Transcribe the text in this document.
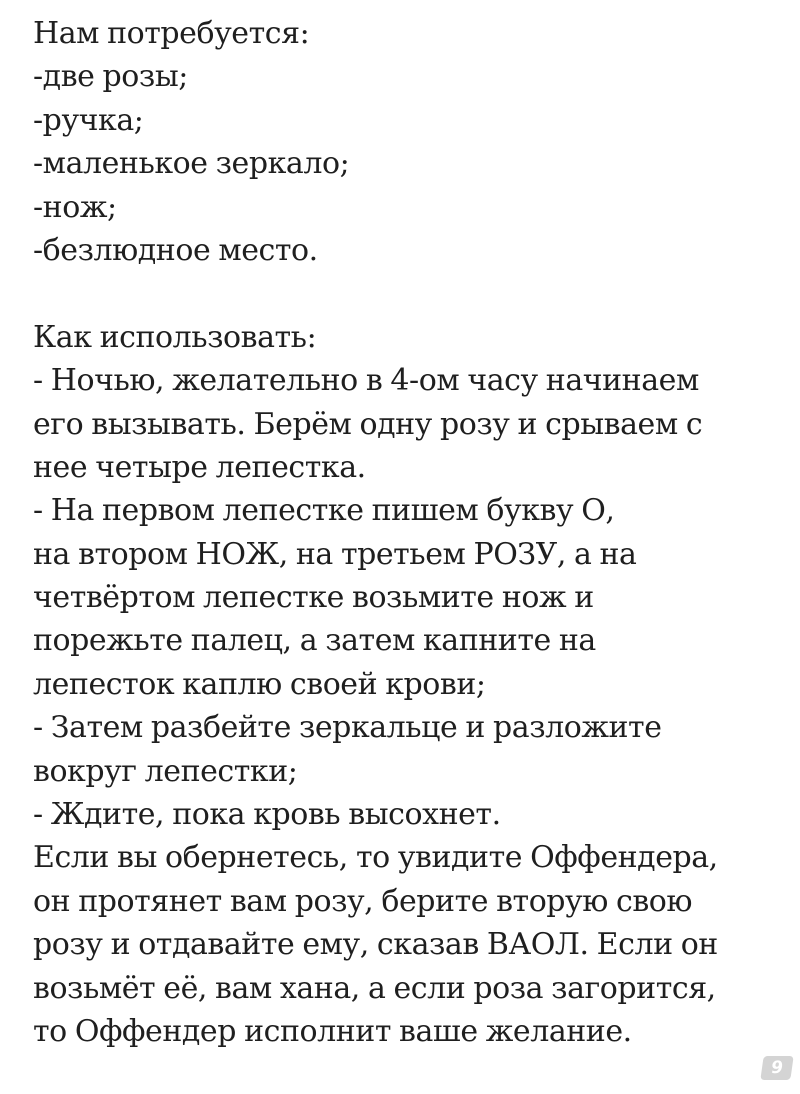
Нам потребуется:
-две розы;
-ручка;
-маленькое зеркало;
-нож;
-безлюдное место.
Как использовать:
- Ночью, желательно в 4-ом часу начинаем
его вызывать. Берём одну розу и срываем с
нее четыре лепестка.
- На первом лепестке пишем букву О,
на втором НОЖ, на третьем РОЗУ, а на
четвёртом лепестке возьмите нож и
порежьте палец, а затем капните на
лепесток каплю своей крови;
- Затем разбейте зеркальце и разложите
вокруг лепестки;
- Ждите, пока кровь высохнет.
Если вы обернетесь, то увидите Оффендера,
он протянет вам розу, берите вторую свою
розу и отдавайте ему, сказав ВАОЛ. Если он
возьмёт её, вам хана, а если роза загорится,
то Оффендер исполнит ваше желание.
9
